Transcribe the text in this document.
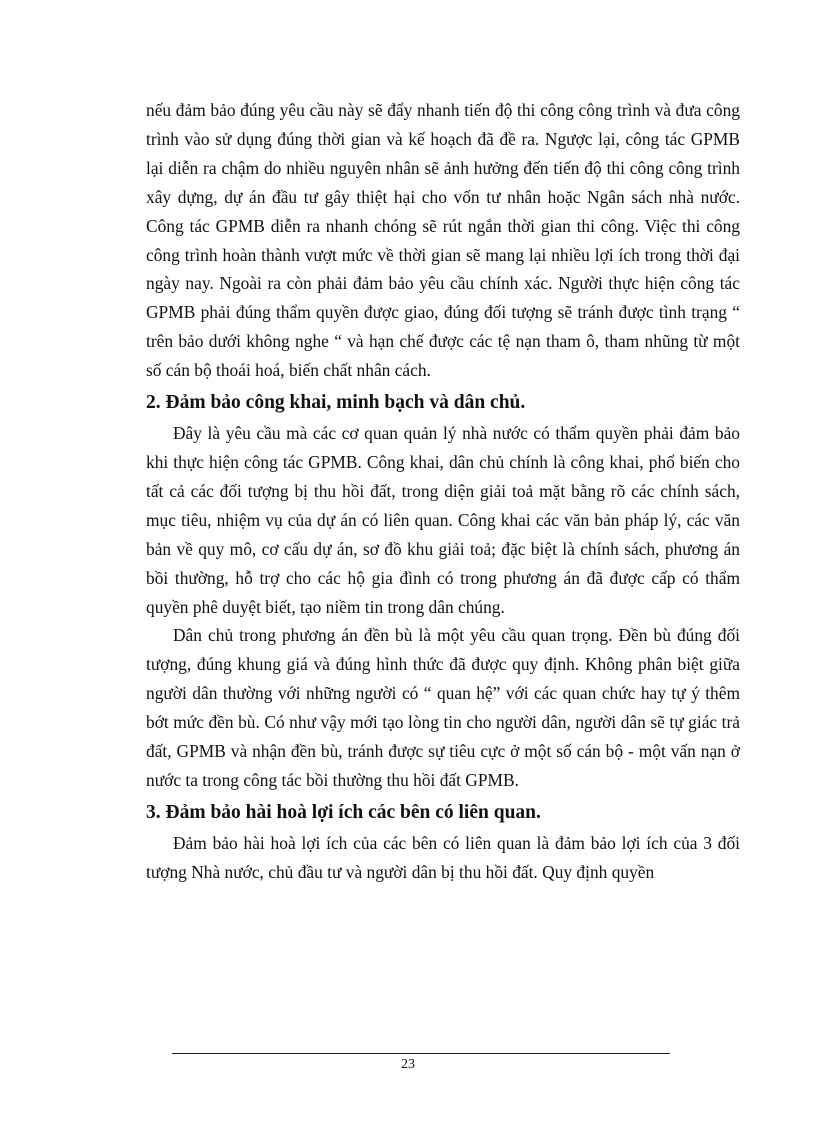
nếu đảm bảo đúng yêu cầu này sẽ đẩy nhanh tiến độ thi công công trình và đưa công trình vào sử dụng đúng thời gian và kế hoạch đã đề ra. Ngược lại, công tác GPMB lại diễn ra chậm do nhiều nguyên nhân sẽ ảnh hưởng đến tiến độ thi công công trình xây dựng, dự án đầu tư gây thiệt hại cho vốn tư nhân hoặc Ngân sách nhà nước. Công tác GPMB diễn ra nhanh chóng sẽ rút ngắn thời gian thi công. Việc thi công công trình hoàn thành vượt mức về thời gian sẽ mang lại nhiều lợi ích trong thời đại ngày nay. Ngoài ra còn phải đảm bảo yêu cầu chính xác. Người thực hiện công tác GPMB phải đúng thẩm quyền được giao, đúng đối tượng sẽ tránh được tình trạng “ trên bảo dưới không nghe “ và hạn chế được các tệ nạn tham ô, tham nhũng từ một số cán bộ thoái hoá, biến chất nhân cách.

2. Đảm bảo công khai, minh bạch và dân chủ.

Đây là yêu cầu mà các cơ quan quản lý nhà nước có thẩm quyền phải đảm bảo khi thực hiện công tác GPMB. Công khai, dân chủ chính là công khai, phổ biến cho tất cả các đối tượng bị thu hồi đất, trong diện giải toả mặt bằng rõ các chính sách, mục tiêu, nhiệm vụ của dự án có liên quan. Công khai các văn bản pháp lý, các văn bản về quy mô, cơ cấu dự án, sơ đồ khu giải toả; đặc biệt là chính sách, phương án bồi thường, hỗ trợ cho các hộ gia đình có trong phương án đã được cấp có thẩm quyền phê duyệt biết, tạo niềm tin trong dân chúng.

Dân chủ trong phương án đền bù là một yêu cầu quan trọng. Đền bù đúng đối tượng, đúng khung giá và đúng hình thức đã được quy định. Không phân biệt giữa người dân thường với những người có “ quan hệ” với các quan chức hay tự ý thêm bớt mức đền bù. Có như vậy mới tạo lòng tin cho người dân, người dân sẽ tự giác trả đất, GPMB và nhận đền bù, tránh được sự tiêu cực ở một số cán bộ - một vấn nạn ở nước ta trong công tác bồi thường thu hồi đất GPMB.

3. Đảm bảo hài hoà lợi ích các bên có liên quan.

Đảm bảo hài hoà lợi ích của các bên có liên quan là đảm bảo lợi ích của 3 đối tượng Nhà nước, chủ đầu tư và người dân bị thu hồi đất. Quy định quyền

23
